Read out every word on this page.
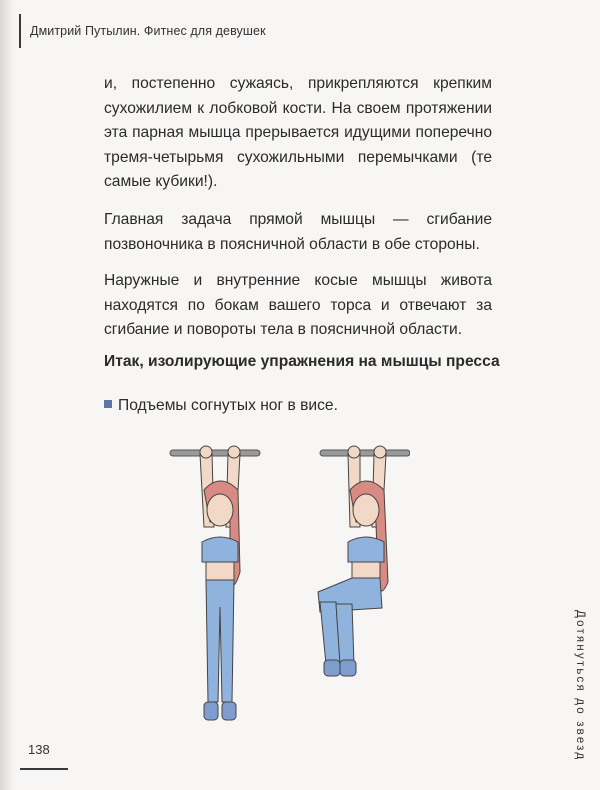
Дмитрий Путылин. Фитнес для девушек
и, постепенно сужаясь, прикрепляются крепким сухожилием к лобковой кости. На своем протяжении эта парная мышца прерывается идущими поперечно тремя-четырьмя сухожильными перемычками (те самые кубики!).
Главная задача прямой мышцы — сгибание позвоночника в поясничной области в обе стороны.
Наружные и внутренние косые мышцы живота находятся по бокам вашего торса и отвечают за сгибание и повороты тела в поясничной области.
Итак, изолирующие упражнения на мышцы пресса
Подъемы согнутых ног в висе.
Дотянуться до звезд
138
